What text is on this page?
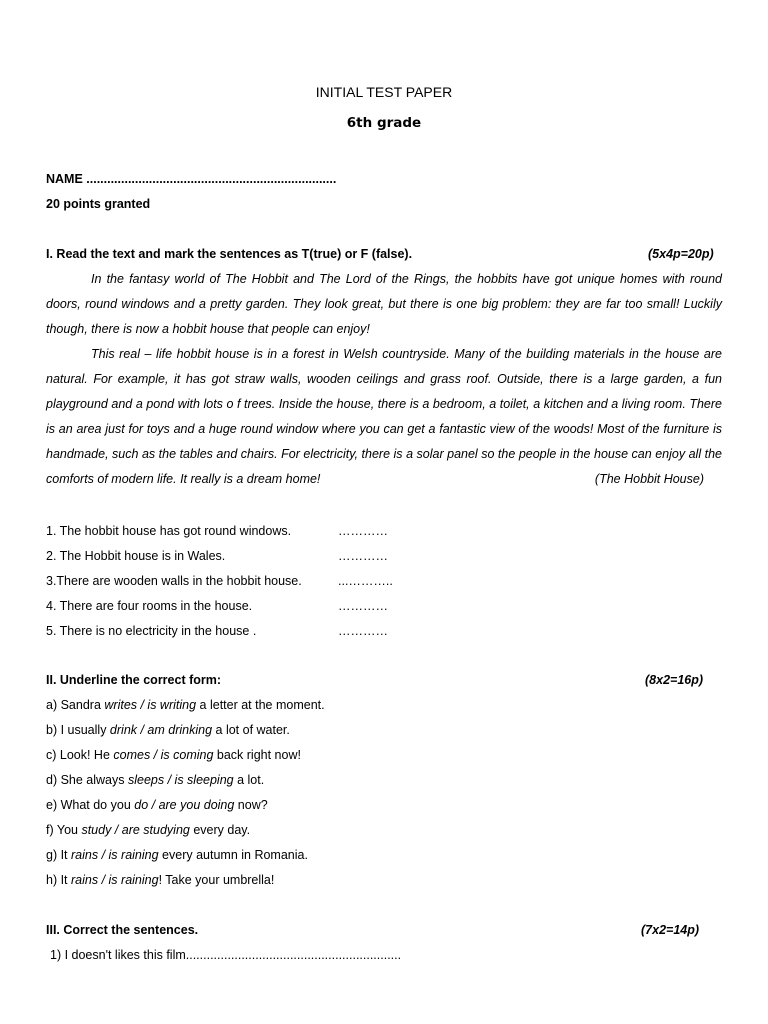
INITIAL TEST PAPER
6th grade
NAME ........................................................................
20 points granted
I. Read the text and mark the sentences as T(true) or F (false).	(5x4p=20p)

In the fantasy world of The Hobbit and The Lord of the Rings, the hobbits have got unique homes with round doors, round windows and a pretty garden. They look great, but there is one big problem: they are far too small! Luckily though, there is now a hobbit house that people can enjoy!

This real – life hobbit house is in a forest in Welsh countryside. Many of the building materials in the house are natural. For example, it has got straw walls, wooden ceilings and grass roof. Outside, there is a large garden, a fun playground and a pond with lots o f trees. Inside the house, there is a bedroom, a toilet, a kitchen and a living room. There is an area just for toys and a huge round window where you can get a fantastic view of the woods! Most of the furniture is handmade, such as the tables and chairs. For electricity, there is a solar panel so the people in the house can enjoy all the comforts of modern life. It really is a dream home!	(The Hobbit House)

1. The hobbit house has got round windows.	…………
2. The Hobbit house is in Wales.	…………
3.There are wooden walls in the hobbit house.	...………..
4. There are four rooms in the house.	…………
5. There is no electricity in the house .	…………
II. Underline the correct form:	(8x2=16p)
a) Sandra writes / is writing a letter at the moment.
b) I usually drink / am drinking a lot of water.
c) Look! He comes / is coming back right now!
d) She always sleeps / is sleeping a lot.
e) What do you do / are you doing now?
f) You study / are studying every day.
g) It rains / is raining every autumn in Romania.
h) It rains / is raining! Take your umbrella!
III. Correct the sentences.	(7x2=14p)
1) I doesn't likes this film..............................................................
